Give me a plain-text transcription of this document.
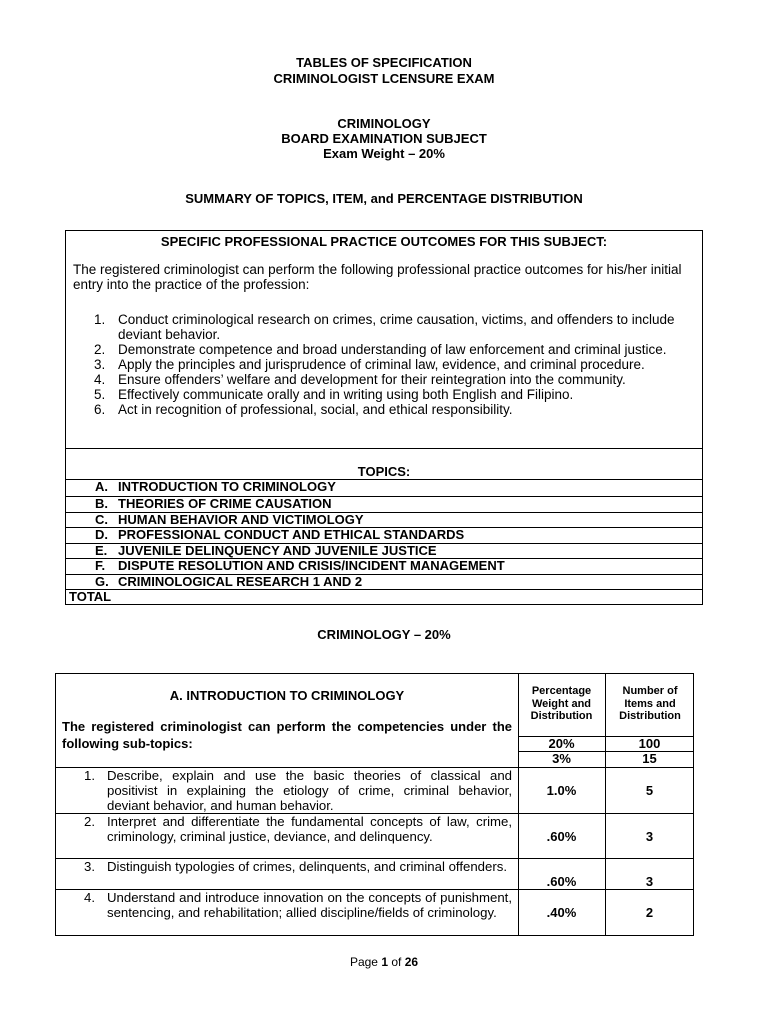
TABLES OF SPECIFICATION
CRIMINOLOGIST LCENSURE EXAM
CRIMINOLOGY
BOARD EXAMINATION SUBJECT
Exam Weight – 20%
SUMMARY OF TOPICS, ITEM, and PERCENTAGE DISTRIBUTION
SPECIFIC PROFESSIONAL PRACTICE OUTCOMES FOR THIS SUBJECT:
The registered criminologist can perform the following professional practice outcomes for his/her initial entry into the practice of the profession:
1. Conduct criminological research on crimes, crime causation, victims, and offenders to include deviant behavior.
2. Demonstrate competence and broad understanding of law enforcement and criminal justice.
3. Apply the principles and jurisprudence of criminal law, evidence, and criminal procedure.
4. Ensure offenders’ welfare and development for their reintegration into the community.
5. Effectively communicate orally and in writing using both English and Filipino.
6. Act in recognition of professional, social, and ethical responsibility.
TOPICS:
A. INTRODUCTION TO CRIMINOLOGY
B. THEORIES OF CRIME CAUSATION
C. HUMAN BEHAVIOR AND VICTIMOLOGY
D. PROFESSIONAL CONDUCT AND ETHICAL STANDARDS
E. JUVENILE DELINQUENCY AND JUVENILE JUSTICE
F. DISPUTE RESOLUTION AND CRISIS/INCIDENT MANAGEMENT
G. CRIMINOLOGICAL RESEARCH 1 AND 2
TOTAL
CRIMINOLOGY – 20%
A. INTRODUCTION TO CRIMINOLOGY
The registered criminologist can perform the competencies under the following sub-topics:
Percentage Weight and Distribution
Number of Items and Distribution
20%	100
3%	15
1. Describe, explain and use the basic theories of classical and positivist in explaining the etiology of crime, criminal behavior, deviant behavior, and human behavior.
1.0%	5
2. Interpret and differentiate the fundamental concepts of law, crime, criminology, criminal justice, deviance, and delinquency.	.60%	3
3. Distinguish typologies of crimes, delinquents, and criminal offenders.
.60%	3
4. Understand and introduce innovation on the concepts of punishment, sentencing, and rehabilitation; allied discipline/fields of criminology.	.40%	2
Page 1 of 26
